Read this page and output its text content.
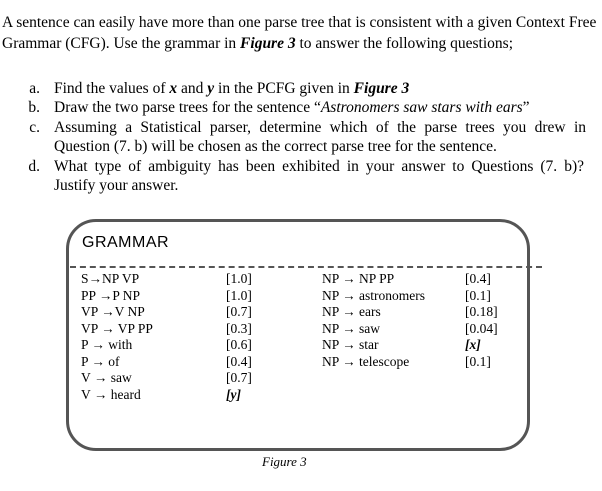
A sentence can easily have more than one parse tree that is consistent with a given Context Free Grammar (CFG). Use the grammar in Figure 3 to answer the following questions;
a. Find the values of x and y in the PCFG given in Figure 3
b. Draw the two parse trees for the sentence “Astronomers saw stars with ears”
c. Assuming a Statistical parser, determine which of the parse trees you drew in Question (7. b) will be chosen as the correct parse tree for the sentence.
d. What type of ambiguity has been exhibited in your answer to Questions (7. b)? Justify your answer.
GRAMMAR
S→NP VP
PP →P NP
VP →V NP
VP → VP PP
P → with
P → of
V → saw
V → heard
[1.0]
[1.0]
[0.7]
[0.3]
[0.6]
[0.4]
[0.7]
[y]
NP → NP PP
NP → astronomers
NP → ears
NP → saw
NP → star
NP → telescope
[0.4]
[0.1]
[0.18]
[0.04]
[x]
[0.1]
Figure 3
